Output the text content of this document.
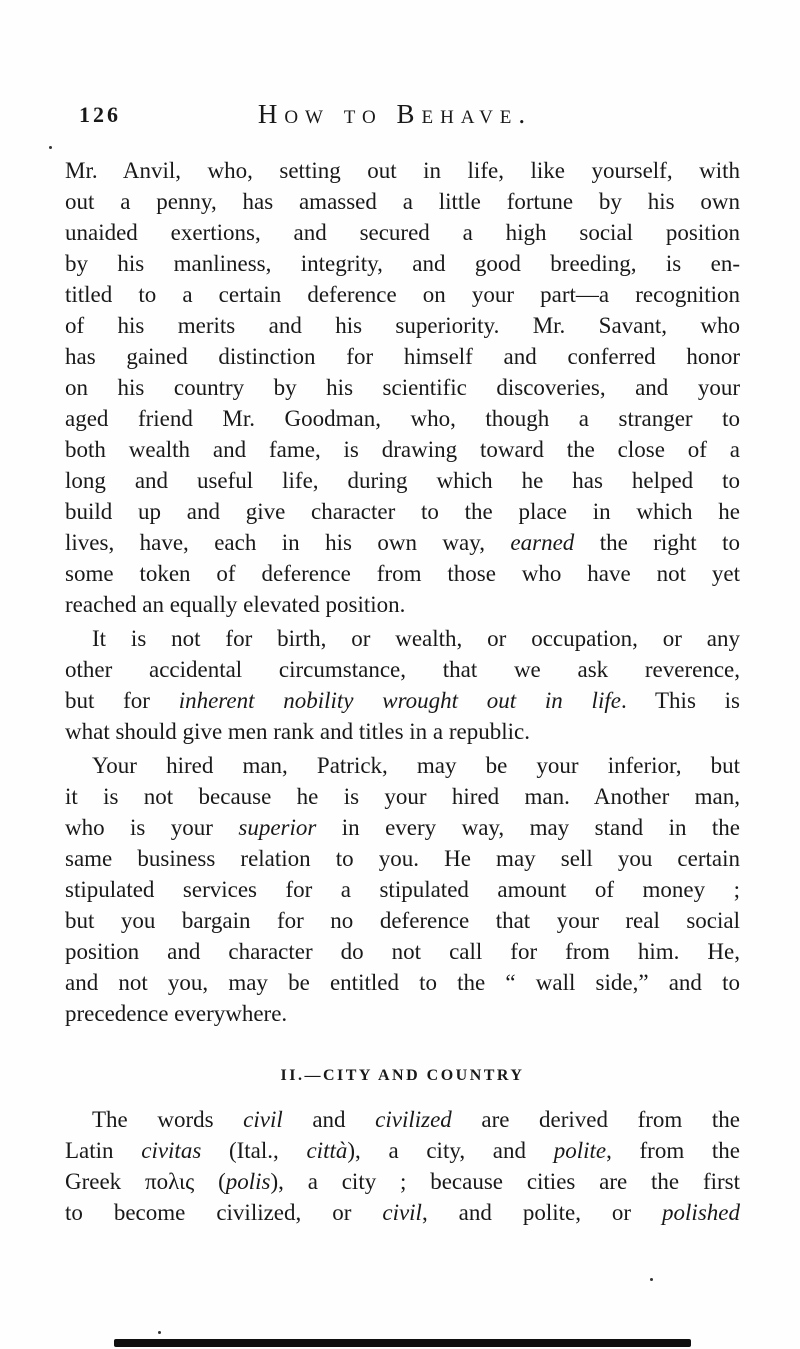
126	How to Behave.
Mr. Anvil, who, setting out in life, like yourself, with
out a penny, has amassed a little fortune by his own
unaided exertions, and secured a high social position
by his manliness, integrity, and good breeding, is en-
titled to a certain deference on your part—a recognition
of his merits and his superiority. Mr. Savant, who
has gained distinction for himself and conferred honor
on his country by his scientific discoveries, and your
aged friend Mr. Goodman, who, though a stranger to
both wealth and fame, is drawing toward the close of a
long and useful life, during which he has helped to
build up and give character to the place in which he
lives, have, each in his own way, earned the right to
some token of deference from those who have not yet
reached an equally elevated position.
It is not for birth, or wealth, or occupation, or any
other accidental circumstance, that we ask reverence,
but for inherent nobility wrought out in life. This is
what should give men rank and titles in a republic.
Your hired man, Patrick, may be your inferior, but
it is not because he is your hired man. Another man,
who is your superior in every way, may stand in the
same business relation to you. He may sell you certain
stipulated services for a stipulated amount of money ;
but you bargain for no deference that your real social
position and character do not call for from him. He,
and not you, may be entitled to the “ wall side,” and to
precedence everywhere.
II.—CITY AND COUNTRY
The words civil and civilized are derived from the
Latin civitas (Ital., città), a city, and polite, from the
Greek πολις (polis), a city ; because cities are the first
to become civilized, or civil, and polite, or polished
